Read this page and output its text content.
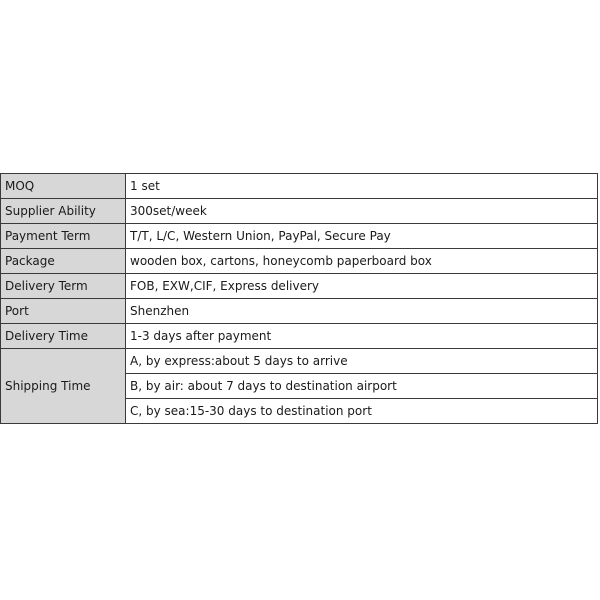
MOQ	1 set
Supplier Ability	300set/week
Payment Term	T/T, L/C, Western Union, PayPal, Secure Pay
Package	wooden box, cartons, honeycomb paperboard box
Delivery Term	FOB, EXW,CIF, Express delivery
Port	Shenzhen
Delivery Time	1-3 days after payment
Shipping Time	A, by express:about 5 days to arrive
	B, by air: about 7 days to destination airport
	C, by sea:15-30 days to destination port
